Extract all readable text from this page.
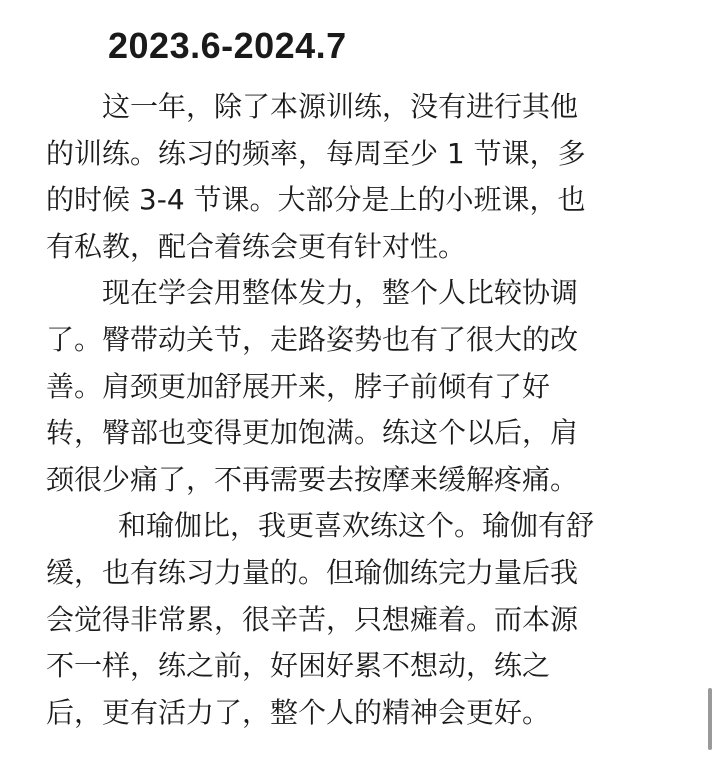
2023.6-2024.7
这一年，除了本源训练，没有进行其他
的训练。练习的频率，每周至少 1 节课，多
的时候 3-4 节课。大部分是上的小班课，也
有私教，配合着练会更有针对性。
现在学会用整体发力，整个人比较协调
了。臀带动关节，走路姿势也有了很大的改
善。肩颈更加舒展开来，脖子前倾有了好
转，臀部也变得更加饱满。练这个以后，肩
颈很少痛了，不再需要去按摩来缓解疼痛。
和瑜伽比，我更喜欢练这个。瑜伽有舒
缓，也有练习力量的。但瑜伽练完力量后我
会觉得非常累，很辛苦，只想瘫着。而本源
不一样，练之前，好困好累不想动，练之
后，更有活力了，整个人的精神会更好。
